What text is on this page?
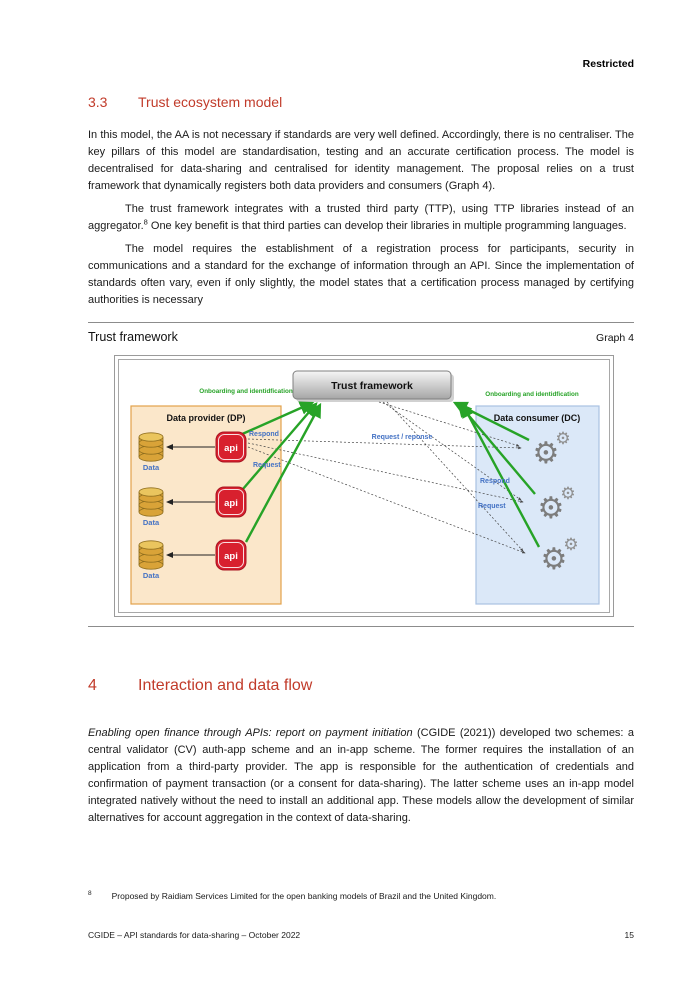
Restricted
3.3	Trust ecosystem model

In this model, the AA is not necessary if standards are very well defined. Accordingly, there is no centraliser. The key pillars of this model are standardisation, testing and an accurate certification process. The model is decentralised for data-sharing and centralised for identity management. The proposal relies on a trust framework that dynamically registers both data providers and consumers (Graph 4).

The trust framework integrates with a trusted third party (TTP), using TTP libraries instead of an aggregator.$^8$ One key benefit is that third parties can develop their libraries in multiple programming languages.

The model requires the establishment of a registration process for participants, security in communications and a standard for the exchange of information through an API. Since the implementation of standards often vary, even if only slightly, the model states that a certification process managed by certifying authorities is necessary

Trust framework	Graph 4
Data provider (DP)	Data consumer (DC)
Trust framework
Onboarding and identidfication	Onboarding and identidfication
Data
api
Data
api
Data
api
⚙
⚙
⚙
⚙
⚙
⚙
Respond
Request
Request / reponse
Respond
Request
4	Interaction and data flow

Enabling open finance through APIs: report on payment initiation (CGIDE (2021)) developed two schemes: a central validator (CV) auth-app scheme and an in-app scheme. The former requires the installation of an application from a third-party provider. The app is responsible for the authentication of credentials and confirmation of payment transaction (or a consent for data-sharing). The latter scheme uses an in-app model integrated natively without the need to install an additional app. These models allow the development of similar alternatives for account aggregation in the context of data-sharing.

$^8$ Proposed by Raidiam Services Limited for the open banking models of Brazil and the United Kingdom.
CGIDE – API standards for data-sharing – October 2022	15
